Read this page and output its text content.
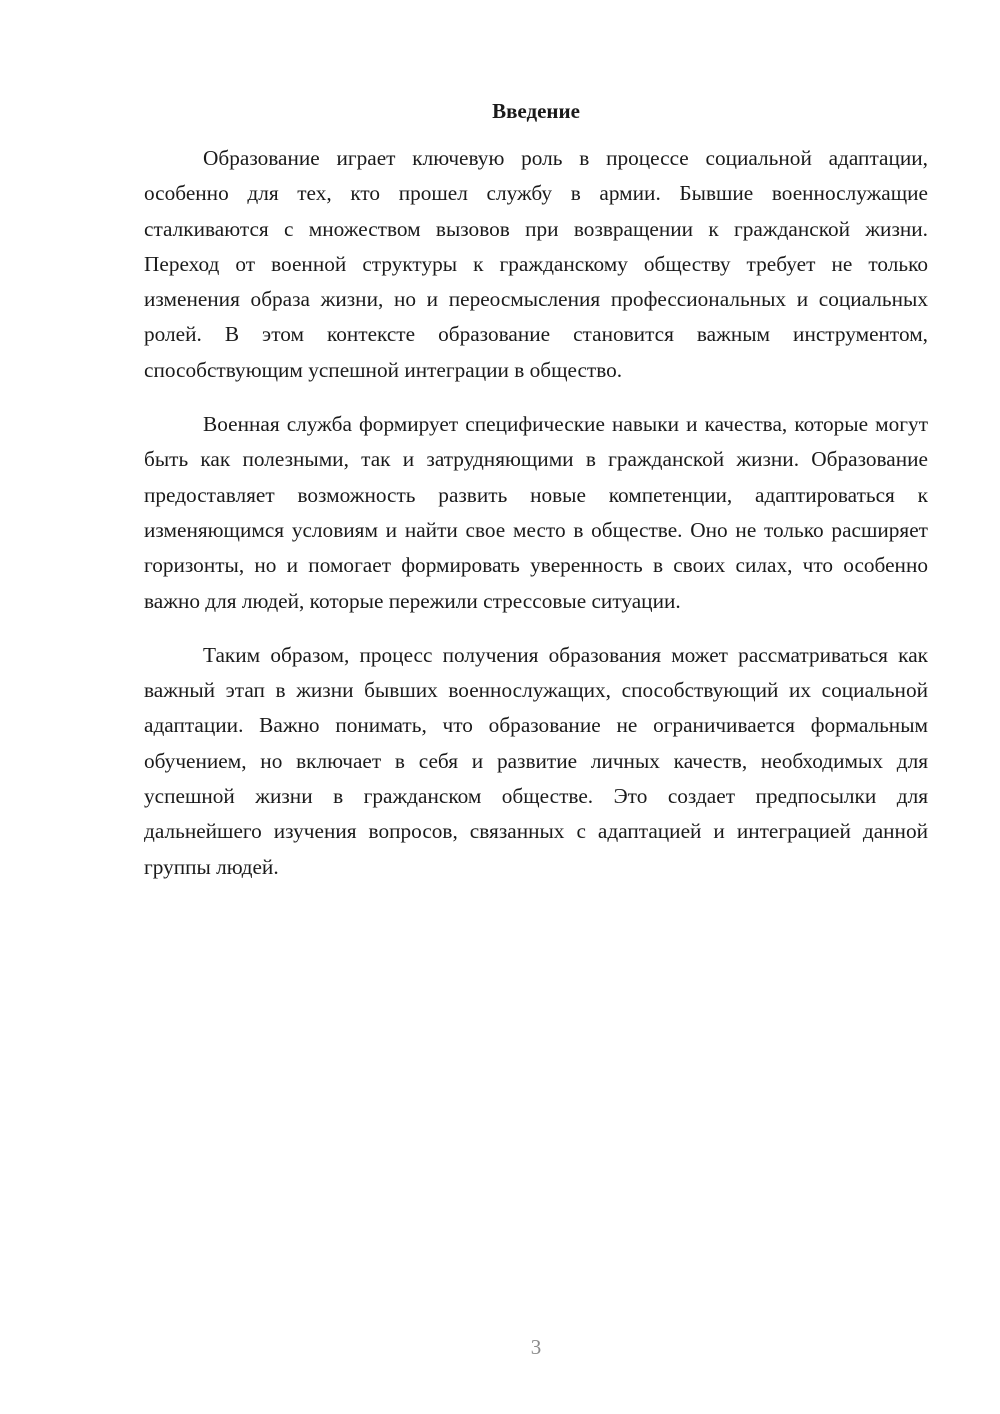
Введение

Образование играет ключевую роль в процессе социальной адаптации, особенно для тех, кто прошел службу в армии. Бывшие военнослужащие сталкиваются с множеством вызовов при возвращении к гражданской жизни. Переход от военной структуры к гражданскому обществу требует не только изменения образа жизни, но и переосмысления профессиональных и социальных ролей. В этом контексте образование становится важным инструментом, способствующим успешной интеграции в общество.

Военная служба формирует специфические навыки и качества, которые могут быть как полезными, так и затрудняющими в гражданской жизни. Образование предоставляет возможность развить новые компетенции, адаптироваться к изменяющимся условиям и найти свое место в обществе. Оно не только расширяет горизонты, но и помогает формировать уверенность в своих силах, что особенно важно для людей, которые пережили стрессовые ситуации.

Таким образом, процесс получения образования может рассматриваться как важный этап в жизни бывших военнослужащих, способствующий их социальной адаптации. Важно понимать, что образование не ограничивается формальным обучением, но включает в себя и развитие личных качеств, необходимых для успешной жизни в гражданском обществе. Это создает предпосылки для дальнейшего изучения вопросов, связанных с адаптацией и интеграцией данной группы людей.

3
